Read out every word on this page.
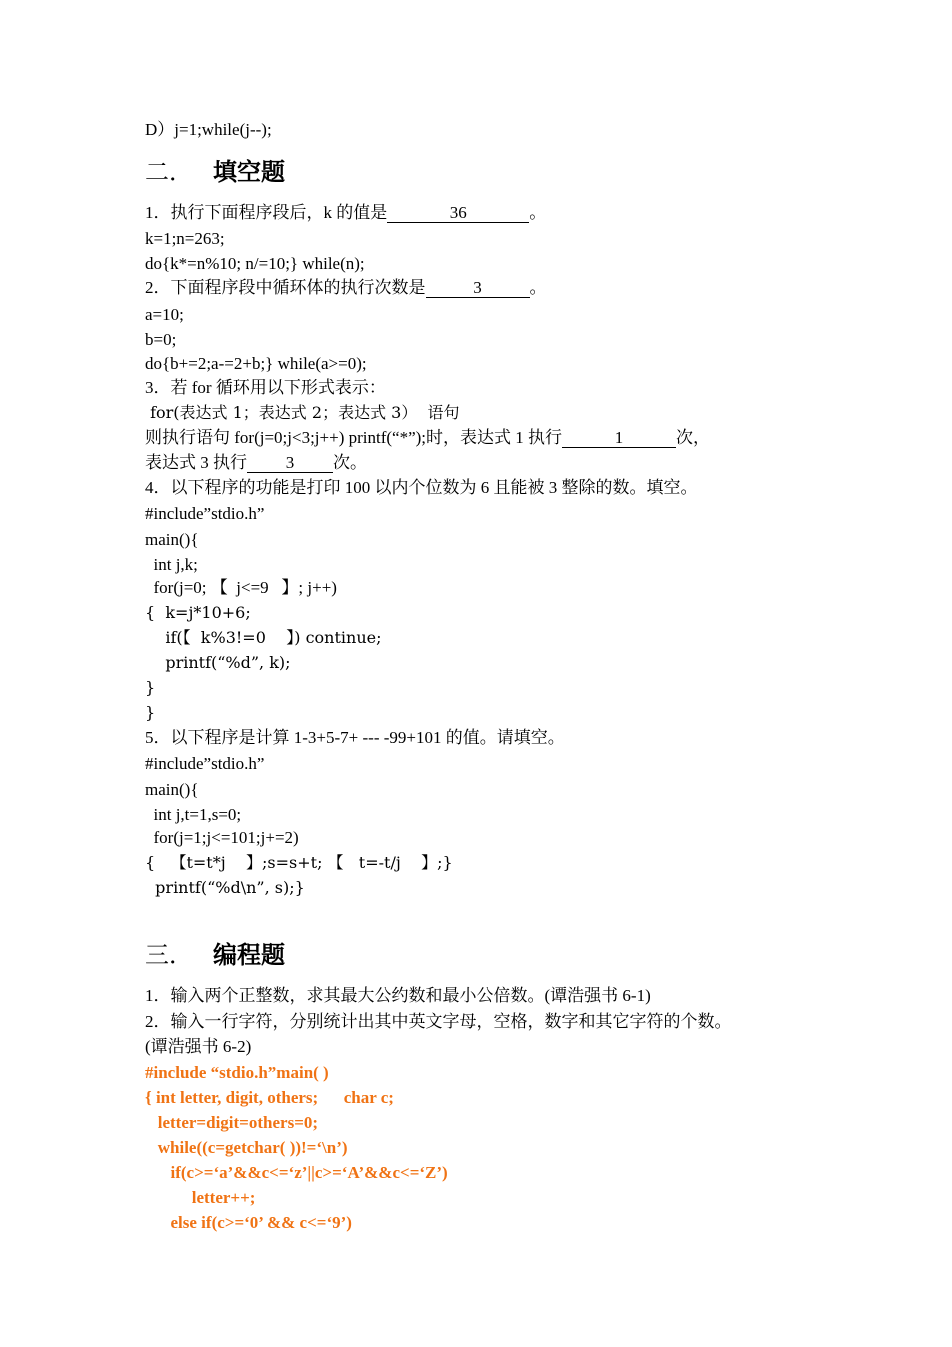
D）j=1;while(j--);
二． 填空题
1．执行下面程序段后，k 的值是	36	。
k=1;n=263;
do{k*=n%10; n/=10;} while(n);
2．下面程序段中循环体的执行次数是	3	。
a=10;
b=0;
do{b+=2;a-=2+b;} while(a>=0);
3．若 for 循环用以下形式表示：
for(表达式 1；表达式 2；表达式 3）  语句
则执行语句 for(j=0;j<3;j++) printf(“*”);时，表达式 1 执行	1	次，
表达式 3 执行 3 次。
4．以下程序的功能是打印 100 以内个位数为 6 且能被 3 整除的数。填空。
#include”stdio.h”
main(){
int j,k;
for(j=0; 【  j<=9   】; j++)
{  k=j*10+6;
if(【  k%3!=0    】) continue;
printf(“%d”, k);
}
}
5．以下程序是计算 1-3+5-7+ --- -99+101 的值。请填空。
#include”stdio.h”
main(){
int j,t=1,s=0;
for(j=1;j<=101;j+=2)
{   【t=t*j    】;s=s+t; 【   t=-t/j    】;}
printf(“%d\n”, s);}
三． 编程题
1．输入两个正整数，求其最大公约数和最小公倍数。(谭浩强书 6-1)
2．输入一行字符，分别统计出其中英文字母，空格，数字和其它字符的个数。
(谭浩强书 6-2)
#include “stdio.h”main( )
{ int letter, digit, others;      char c;
letter=digit=others=0;
while((c=getchar( ))!=‘\n’)
if(c>=‘a’&&c<=‘z’||c>=‘A’&&c<=‘Z’)
letter++;
else if(c>=‘0’ && c<=‘9’)
